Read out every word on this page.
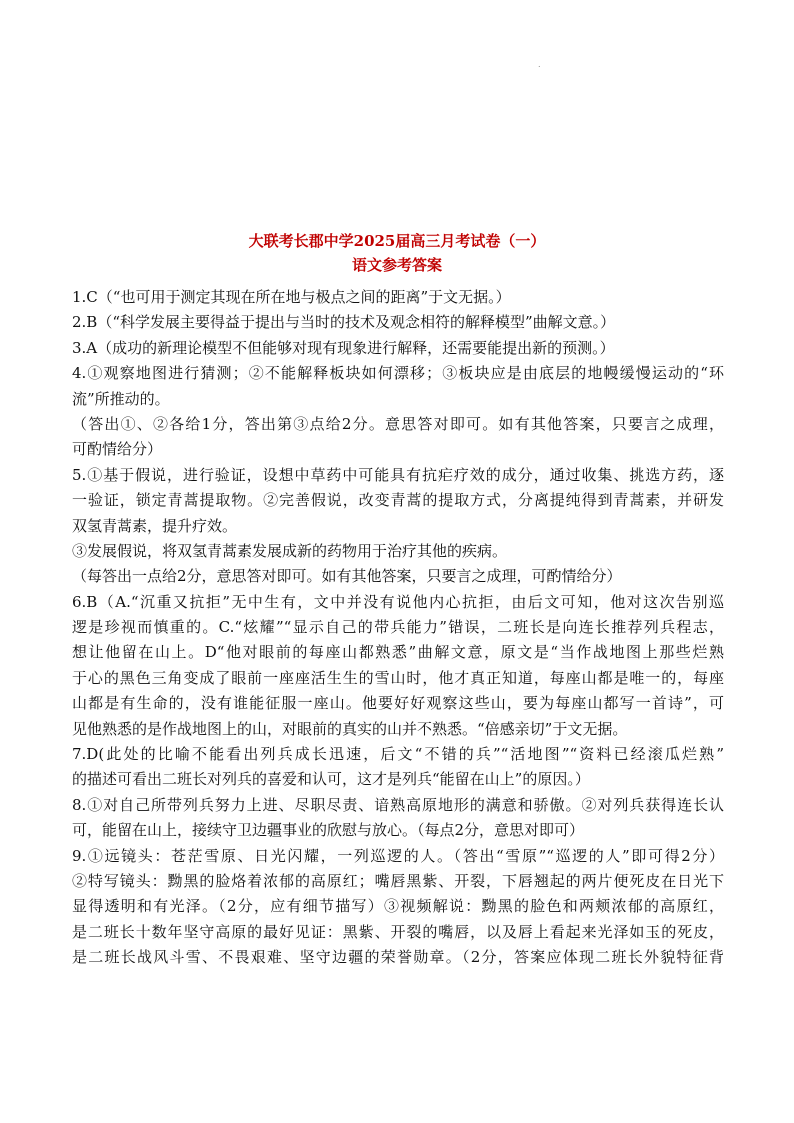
.
大联考长郡中学2025届高三月考试卷（一）
语文参考答案
1.C（“也可用于测定其现在所在地与极点之间的距离”于文无据。）
2.B（“科学发展主要得益于提出与当时的技术及观念相符的解释模型”曲解文意。）
3.A（成功的新理论模型不但能够对现有现象进行解释，还需要能提出新的预测。）
4.①观察地图进行猜测；②不能解释板块如何漂移；③板块应是由底层的地幔缓慢运动的“环
流”所推动的。
（答出①、②各给1分，答出第③点给2分。意思答对即可。如有其他答案，只要言之成理，
可酌情给分）
5.①基于假说，进行验证，设想中草药中可能具有抗疟疗效的成分，通过收集、挑选方药，逐
一验证，锁定青蒿提取物。②完善假说，改变青蒿的提取方式，分离提纯得到青蒿素，并研发
双氢青蒿素，提升疗效。
③发展假说，将双氢青蒿素发展成新的药物用于治疗其他的疾病。
（每答出一点给2分，意思答对即可。如有其他答案，只要言之成理，可酌情给分）
6.B（A.“沉重又抗拒”无中生有，文中并没有说他内心抗拒，由后文可知，他对这次告别巡
逻是珍视而慎重的。C.“炫耀”“显示自己的带兵能力”错误，二班长是向连长推荐列兵程志，
想让他留在山上。D“他对眼前的每座山都熟悉”曲解文意，原文是“当作战地图上那些烂熟
于心的黑色三角变成了眼前一座座活生生的雪山时，他才真正知道，每座山都是唯一的，每座
山都是有生命的，没有谁能征服一座山。他要好好观察这些山，要为每座山都写一首诗”，可
见他熟悉的是作战地图上的山，对眼前的真实的山并不熟悉。“倍感亲切”于文无据。
7.D(此处的比喻不能看出列兵成长迅速，后文“不错的兵”“活地图”“资料已经滚瓜烂熟”
的描述可看出二班长对列兵的喜爱和认可，这才是列兵“能留在山上”的原因。）
8.①对自己所带列兵努力上进、尽职尽责、谙熟高原地形的满意和骄傲。②对列兵获得连长认
可，能留在山上，接续守卫边疆事业的欣慰与放心。（每点2分，意思对即可）
9.①远镜头：苍茫雪原、日光闪耀，一列巡逻的人。（答出“雪原”“巡逻的人”即可得2分）
②特写镜头：黝黑的脸烙着浓郁的高原红；嘴唇黑紫、开裂，下唇翘起的两片便死皮在日光下
显得透明和有光泽。（2分，应有细节描写）③视频解说：黝黑的脸色和两颊浓郁的高原红，
是二班长十数年坚守高原的最好见证：黑紫、开裂的嘴唇，以及唇上看起来光泽如玉的死皮，
是二班长战风斗雪、不畏艰难、坚守边疆的荣誉勋章。（2分，答案应体现二班长外貌特征背
